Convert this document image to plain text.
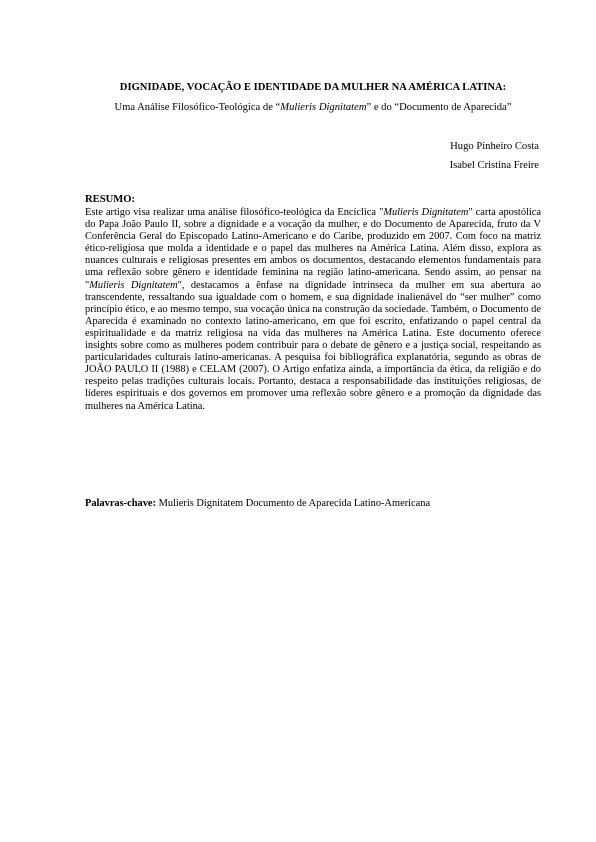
DIGNIDADE, VOCAÇÃO E IDENTIDADE DA MULHER NA AMÉRICA LATINA:
Uma Análise Filosófico-Teológica de “Mulieris Dignitatem” e do “Documento de Aparecida”
Hugo Pinheiro Costa
Isabel Cristina Freire
RESUMO:

Este artigo visa realizar uma análise filosófico-teológica da Encíclica "Mulieris Dignitatem" carta apostólica do Papa João Paulo II, sobre a dignidade e a vocação da mulher, e do Documento de Aparecida, fruto da V Conferência Geral do Episcopado Latino-Americano e do Caribe, produzido em 2007. Com foco na matriz ético-religiosa que molda a identidade e o papel das mulheres na América Latina. Além disso, explora as nuances culturais e religiosas presentes em ambos os documentos, destacando elementos fundamentais para uma reflexão sobre gênero e identidade feminina na região latino-americana. Sendo assim, ao pensar na "Mulieris Dignitatem", destacamos a ênfase na dignidade intrínseca da mulher em sua abertura ao transcendente, ressaltando sua igualdade com o homem, e sua dignidade inalienável do “ser mulher” como princípio ético, e ao mesmo tempo, sua vocação única na construção da sociedade. Também, o Documento de Aparecida é examinado no contexto latino-americano, em que foi escrito, enfatizando o papel central da espiritualidade e da matriz religiosa na vida das mulheres na América Latina. Este documento oferece insights sobre como as mulheres podem contribuir para o debate de gênero e a justiça social, respeitando as particularidades culturais latino-americanas. A pesquisa foi bibliográfica explanatória, segundo as obras de JOÃO PAULO II (1988) e CELAM (2007). O Artigo enfatiza ainda, a importância da ética, da religião e do respeito pelas tradições culturais locais. Portanto, destaca a responsabilidade das instituições religiosas, de líderes espirituais e dos governos em promover uma reflexão sobre gênero e a promoção da dignidade das mulheres na América Latina.

Palavras-chave: Mulieris Dignitatem Documento de Aparecida Latino-Americana
